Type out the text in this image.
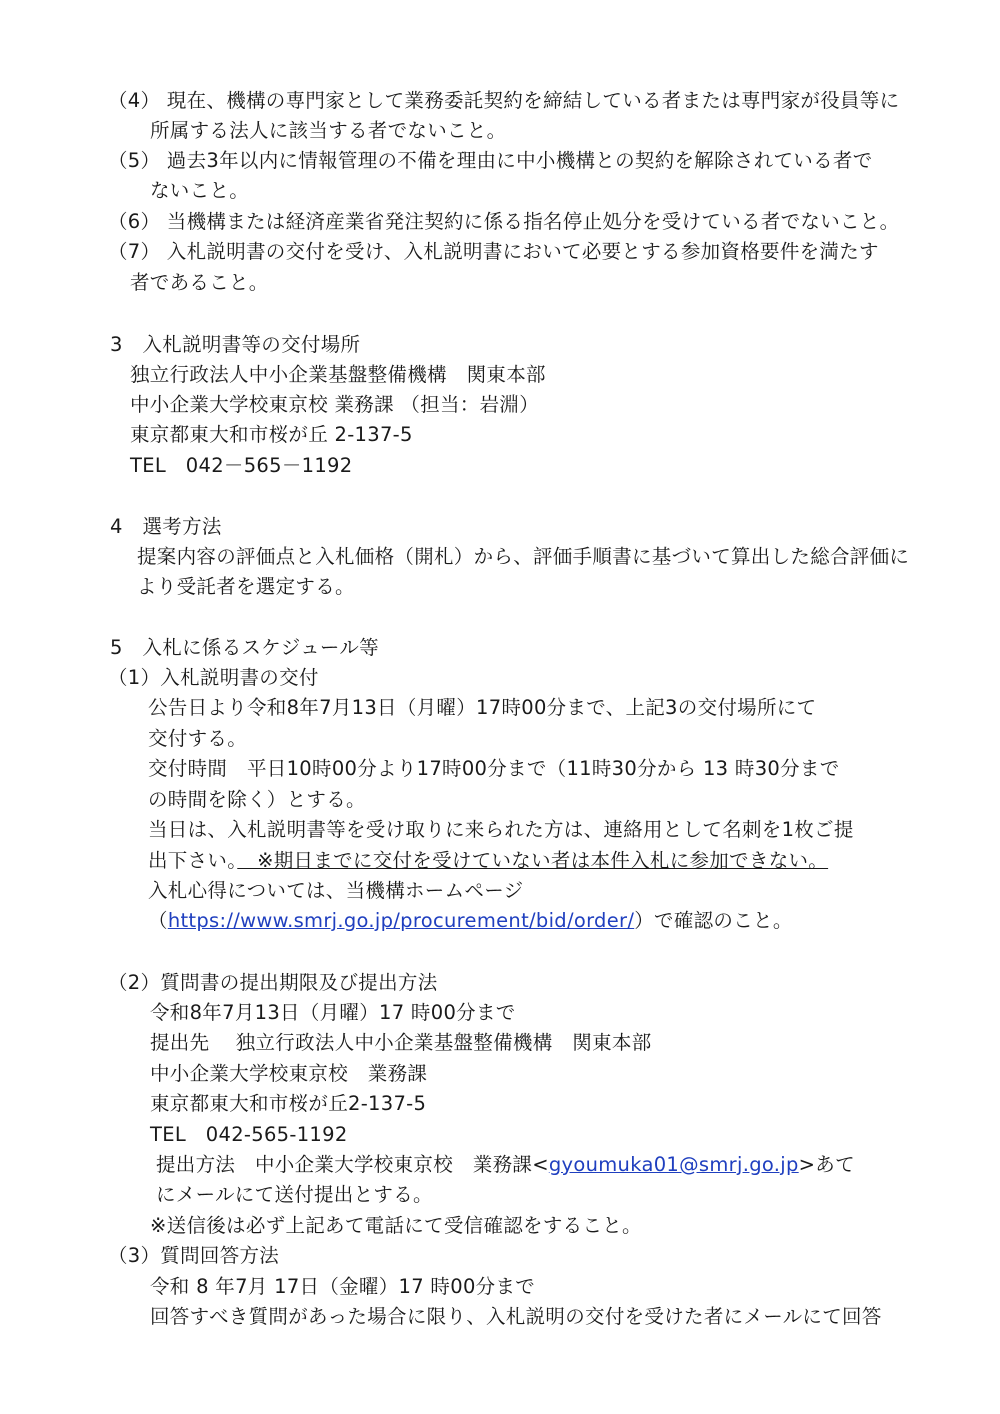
（4） 現在、機構の専門家として業務委託契約を締結している者または専門家が役員等に
所属する法人に該当する者でないこと。
（5） 過去3年以内に情報管理の不備を理由に中小機構との契約を解除されている者で
ないこと。
（6） 当機構または経済産業省発注契約に係る指名停止処分を受けている者でないこと。
（7） 入札説明書の交付を受け、入札説明書において必要とする参加資格要件を満たす
者であること。
3　入札説明書等の交付場所
独立行政法人中小企業基盤整備機構　関東本部
中小企業大学校東京校 業務課 （担当：岩淵）
東京都東大和市桜が丘 2-137-5
TEL　042－565－1192
4　選考方法
提案内容の評価点と入札価格（開札）から、評価手順書に基づいて算出した総合評価に
より受託者を選定する。
5　入札に係るスケジュール等
（1）入札説明書の交付
公告日より令和8年7月13日（月曜）17時00分まで、上記3の交付場所にて
交付する。
交付時間　平日10時00分より17時00分まで（11時30分から 13 時30分まで
の時間を除く）とする。
当日は、入札説明書等を受け取りに来られた方は、連絡用として名刺を1枚ご提
出下さい。　※期日までに交付を受けていない者は本件入札に参加できない。
入札心得については、当機構ホームページ
（https://www.smrj.go.jp/procurement/bid/order/）で確認のこと。
（2）質問書の提出期限及び提出方法
令和8年7月13日（月曜）17 時00分まで
提出先　 独立行政法人中小企業基盤整備機構　関東本部
中小企業大学校東京校　業務課
東京都東大和市桜が丘2-137-5
TEL　042-565-1192
提出方法　中小企業大学校東京校　業務課<gyoumuka01@smrj.go.jp>あて
にメールにて送付提出とする。
※送信後は必ず上記あて電話にて受信確認をすること。
（3）質問回答方法
令和 8 年7月 17日（金曜）17 時00分まで
回答すべき質問があった場合に限り、入札説明の交付を受けた者にメールにて回答
